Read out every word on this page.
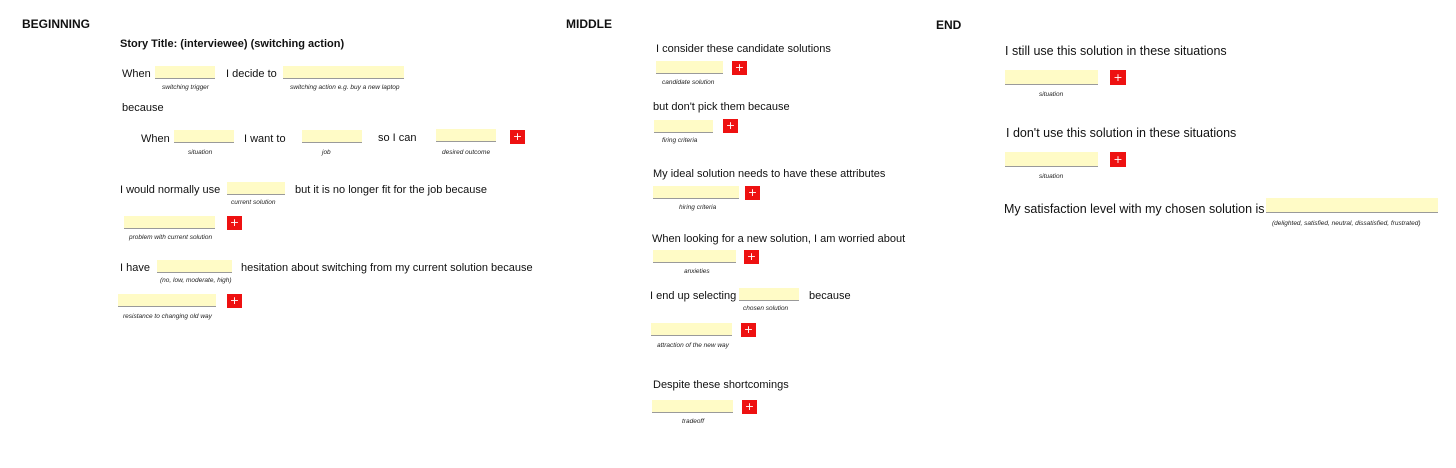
BEGINNING	MIDDLE	END
Story Title: (interviewee) (switching action)
When
switching trigger
I decide to
switching action e.g. buy a new laptop
because
When
situation
I want to
job
so I can
desired outcome
+
I would normally use
current solution
but it is no longer fit for the job because
problem with current solution
+
I have
(no, low, moderate, high)
hesitation about switching from my current solution because
resistance to changing old way
+
I consider these candidate solutions
candidate solution
+
but don't pick them because
firing criteria
+
My ideal solution needs to have these attributes
hiring criteria
+
When looking for a new solution, I am worried about
anxieties
+
I end up selecting
chosen solution
because
attraction of the new way
+
Despite these shortcomings
tradeoff
+
I still use this solution in these situations
situation
+
I don't use this solution in these situations
situation
+
My satisfaction level with my chosen solution is
(delighted, satisfied, neutral, dissatisfied, frustrated)
